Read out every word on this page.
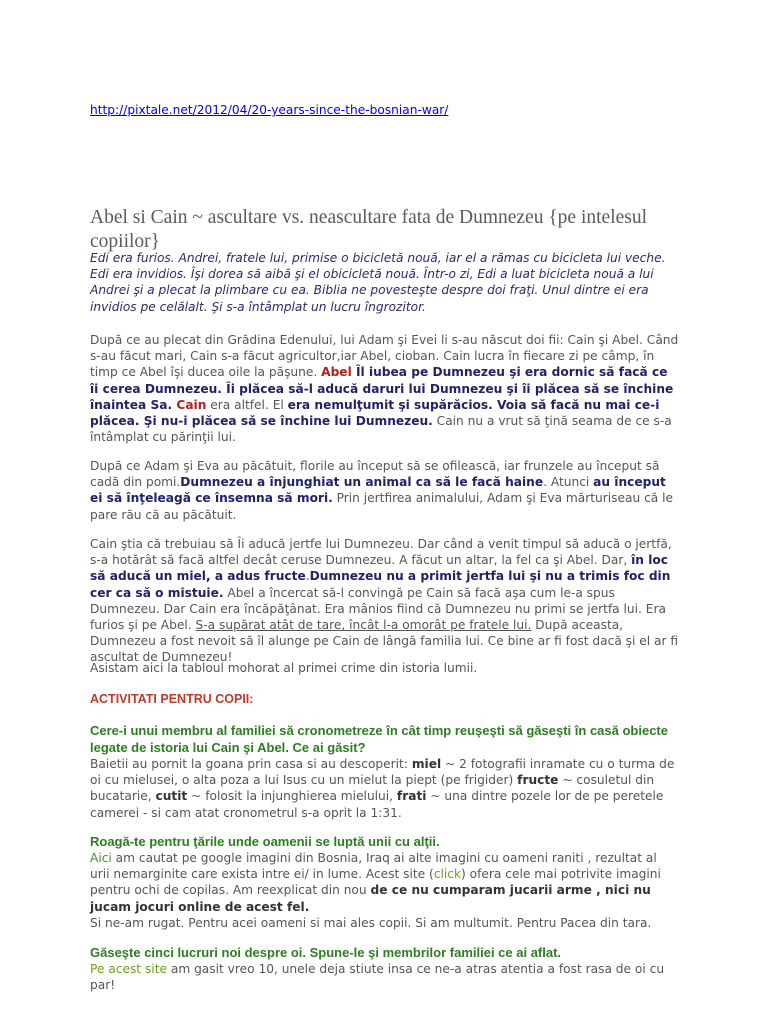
http://pixtale.net/2012/04/20-years-since-the-bosnian-war/
Abel si Cain ~ ascultare vs. neascultare fata de Dumnezeu {pe intelesul copiilor}

Edi era furios. Andrei, fratele lui, primise o bicicletă nouă, iar el a rămas cu bicicleta lui veche. Edi era invidios. Îşi dorea să aibă şi el obicicletă nouă. Într-o zi, Edi a luat bicicleta nouă a lui Andrei şi a plecat la plimbare cu ea. Biblia ne povesteşte despre doi fraţi. Unul dintre ei era invidios pe celălalt. Şi s-a întâmplat un lucru îngrozitor.

După ce au plecat din Grădina Edenului, lui Adam şi Evei li s-au născut doi fii: Cain şi Abel. Când s-au făcut mari, Cain s-a făcut agricultor,iar Abel, cioban. Cain lucra în fiecare zi pe câmp, în timp ce Abel îşi ducea oile la păşune. Abel Îl iubea pe Dumnezeu şi era dornic să facă ce îi cerea Dumnezeu. Îi plăcea să-l aducă daruri lui Dumnezeu şi îi plăcea să se închine înaintea Sa. Cain era altfel. El era nemulţumit şi supărăcios. Voia să facă nu mai ce-i plăcea. Şi nu-i plăcea să se închine lui Dumnezeu. Cain nu a vrut să ţină seama de ce s-a întâmplat cu părinţii lui.

După ce Adam şi Eva au păcătuit, florile au început să se ofilească, iar frunzele au început să cadă din pomi.Dumnezeu a înjunghiat un animal ca să le facă haine. Atunci au început ei să înţeleagă ce însemna să mori. Prin jertfirea animalului, Adam şi Eva mărturiseau că le pare rău că au păcătuit.

Cain ştia că trebuiau să Îi aducă jertfe lui Dumnezeu. Dar când a venit timpul să aducă o jertfă, s-a hotărât să facă altfel decât ceruse Dumnezeu. A făcut un altar, la fel ca şi Abel. Dar, în loc să aducă un miel, a adus fructe.Dumnezeu nu a primit jertfa lui şi nu a trimis foc din cer ca să o mistuie. Abel a încercat să-l convingă pe Cain să facă aşa cum le-a spus Dumnezeu. Dar Cain era încăpăţânat. Era mânios fiind că Dumnezeu nu primi se jertfa lui. Era furios şi pe Abel. S-a supărat atât de tare, încât l-a omorât pe fratele lui. După aceasta, Dumnezeu a fost nevoit să îl alunge pe Cain de lângă familia lui. Ce bine ar fi fost dacă şi el ar fi ascultat de Dumnezeu!

Asistam aici la tabloul mohorat al primei crime din istoria lumii.

ACTIVITATI PENTRU COPII:

Cere-i unui membru al familiei să cronometreze în cât timp reuşeşti să găseşti în casă obiecte legate de istoria lui Cain şi Abel. Ce ai găsit?

Baietii au pornit la goana prin casa si au descoperit: miel ~ 2 fotografii inramate cu o turma de oi cu mielusei, o alta poza a lui Isus cu un mielut la piept (pe frigider) fructe ~ cosuletul din bucatarie, cutit ~ folosit la injunghierea mielului, frati ~ una dintre pozele lor de pe peretele camerei - si cam atat cronometrul s-a oprit la 1:31.

Roagă-te pentru ţările unde oamenii se luptă unii cu alţii.

Aici am cautat pe google imagini din Bosnia, Iraq ai alte imagini cu oameni raniti , rezultat al urii nemarginite care exista intre ei/ in lume. Acest site (click) ofera cele mai potrivite imagini pentru ochi de copilas. Am reexplicat din nou de ce nu cumparam jucarii arme , nici nu jucam jocuri online de acest fel.
Si ne-am rugat. Pentru acei oameni si mai ales copii. Si am multumit. Pentru Pacea din tara.

Găseşte cinci lucruri noi despre oi. Spune-le şi membrilor familiei ce ai aflat.

Pe acest site am gasit vreo 10, unele deja stiute insa ce ne-a atras atentia a fost rasa de oi cu par!
